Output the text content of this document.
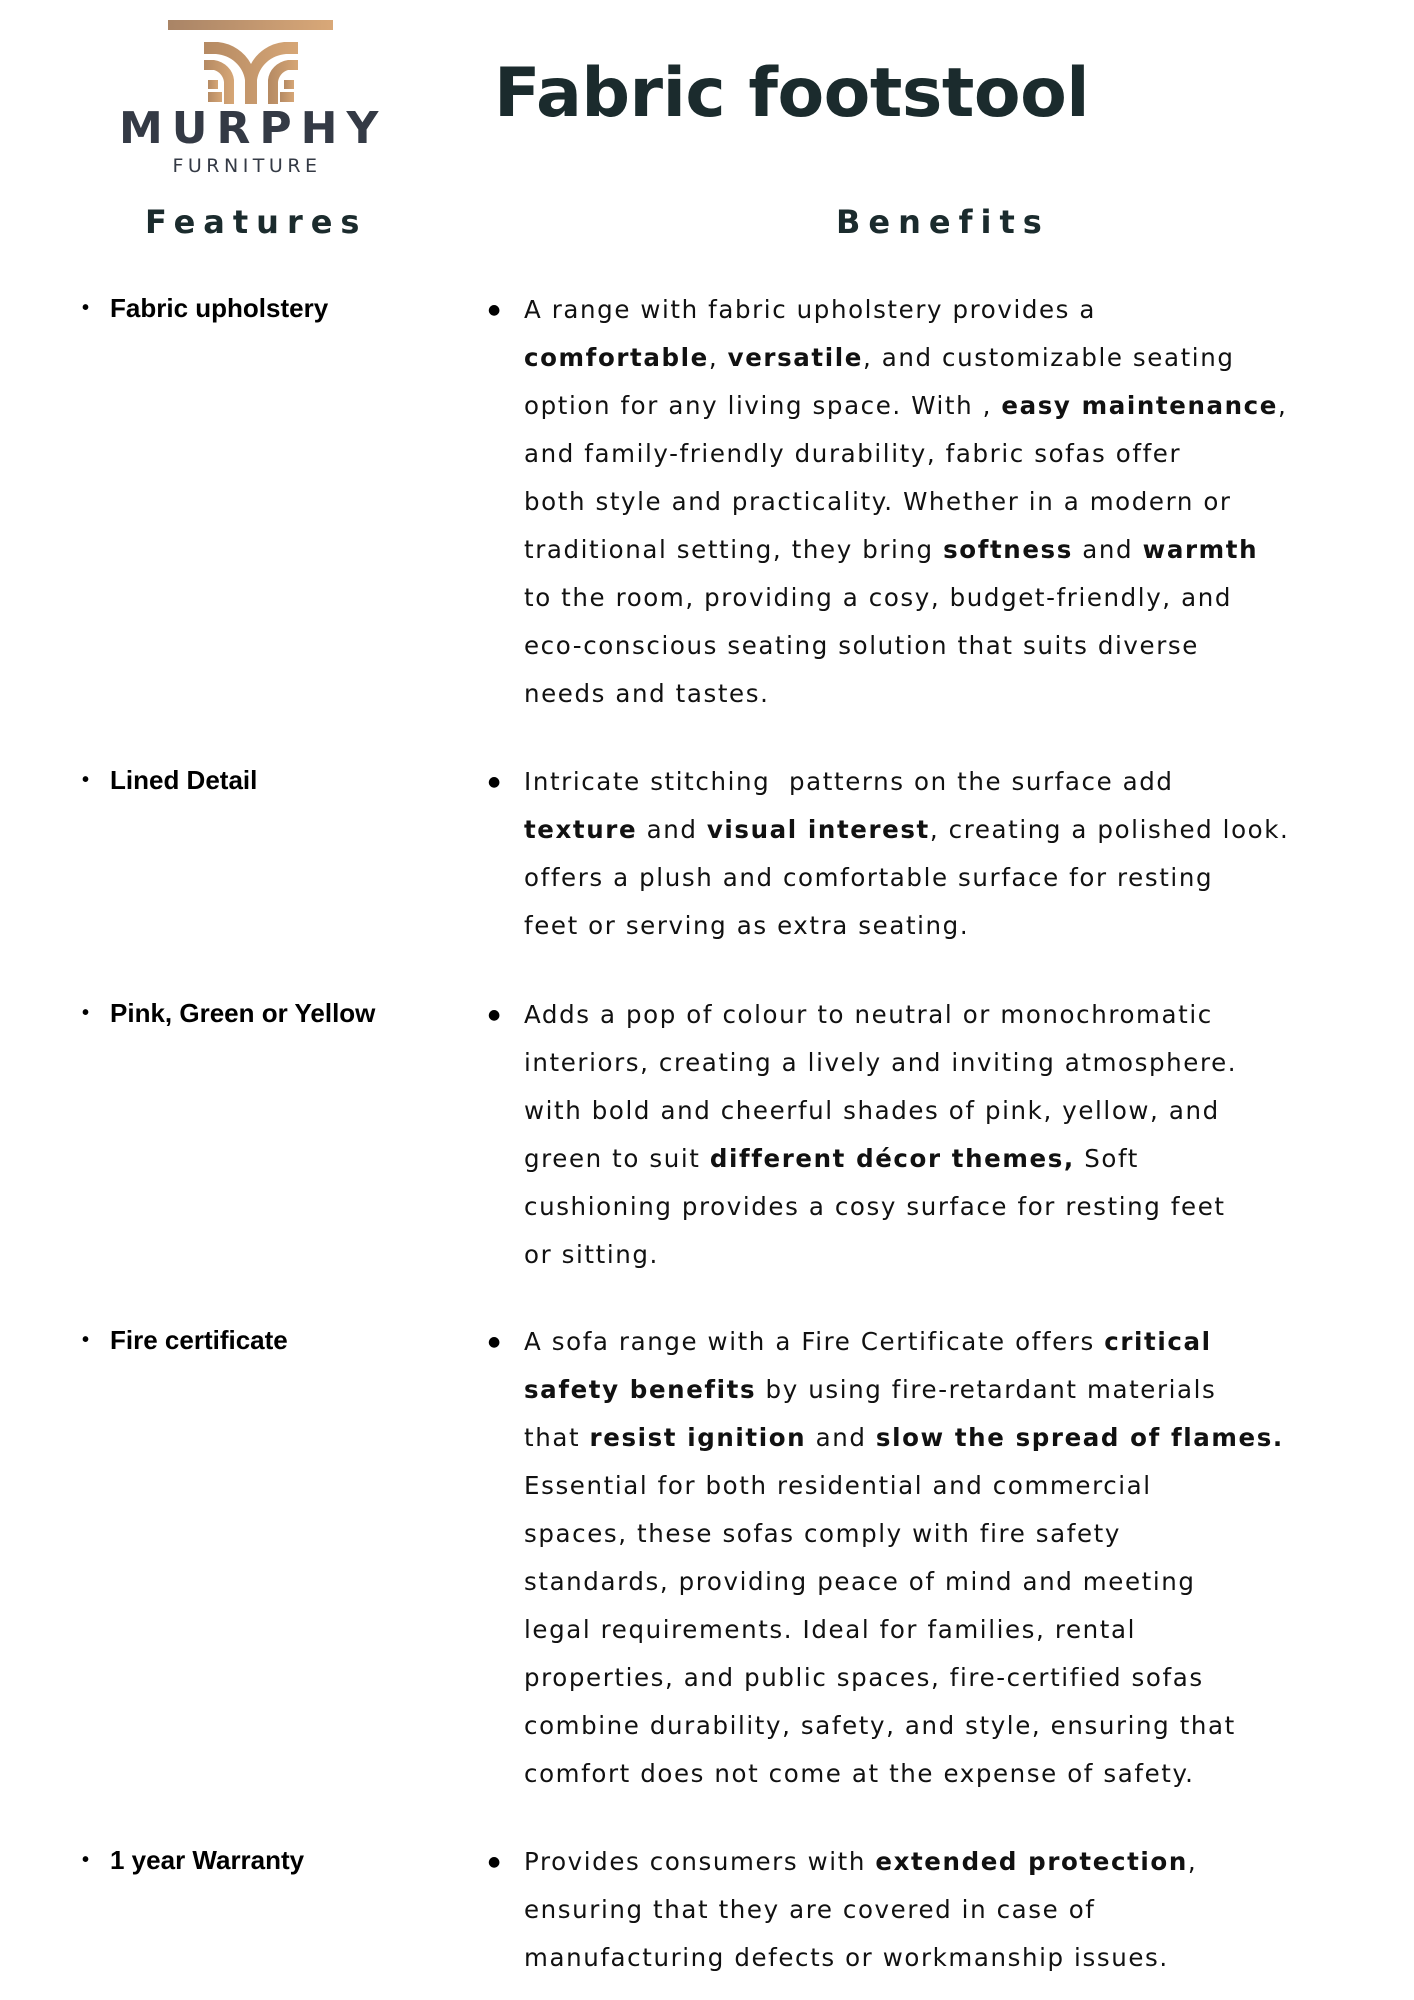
MURPHY
FURNITURE
Fabric footstool
Features	Benefits
• Fabric upholstery	● A range with fabric upholstery provides a
comfortable, versatile, and customizable seating
option for any living space. With , easy maintenance,
and family-friendly durability, fabric sofas offer
both style and practicality. Whether in a modern or
traditional setting, they bring softness and warmth
to the room, providing a cosy, budget-friendly, and
eco-conscious seating solution that suits diverse
needs and tastes.
• Lined Detail	● Intricate stitching  patterns on the surface add
texture and visual interest, creating a polished look.
offers a plush and comfortable surface for resting
feet or serving as extra seating.
• Pink, Green or Yellow	● Adds a pop of colour to neutral or monochromatic
interiors, creating a lively and inviting atmosphere.
with bold and cheerful shades of pink, yellow, and
green to suit different décor themes, Soft
cushioning provides a cosy surface for resting feet
or sitting.
• Fire certificate	● A sofa range with a Fire Certificate offers critical
safety benefits by using fire-retardant materials
that resist ignition and slow the spread of flames.
Essential for both residential and commercial
spaces, these sofas comply with fire safety
standards, providing peace of mind and meeting
legal requirements. Ideal for families, rental
properties, and public spaces, fire-certified sofas
combine durability, safety, and style, ensuring that
comfort does not come at the expense of safety.
• 1 year Warranty	● Provides consumers with extended protection,
ensuring that they are covered in case of
manufacturing defects or workmanship issues.
